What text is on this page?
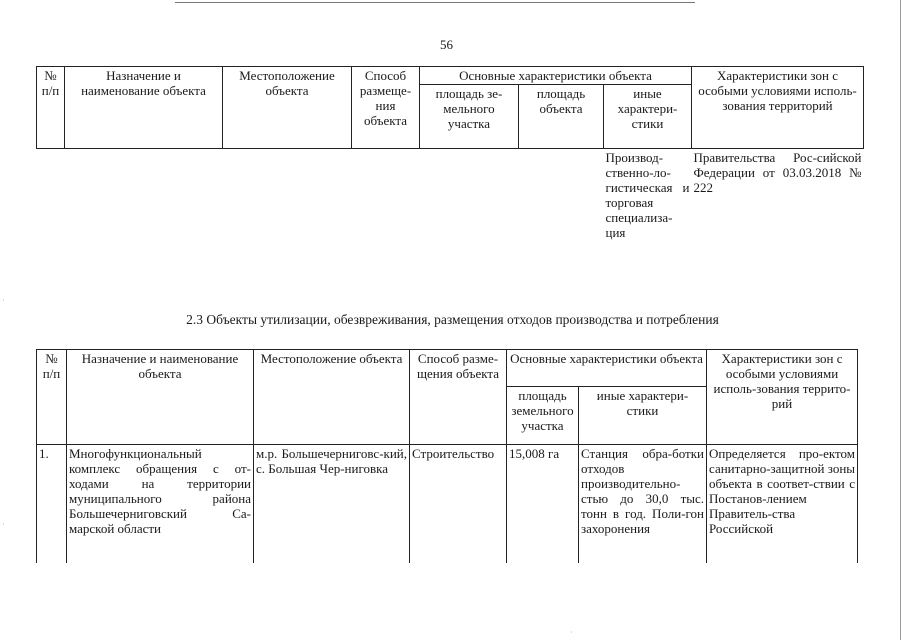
56
№ п/п	Назначение и наименование объекта	Местоположение объекта	Способ размеще-ния объекта	Основные характеристики объекта			Характеристики зон с особыми условиями исполь-зования территорий
				площадь зе-мельного участка	площадь объекта	иные характери-стики	
						Производ-ственно-ло-гистическая и торговая специализа-ция	Правительства Рос-сийской Федерации от 03.03.2018 № 222
2.3 Объекты утилизации, обезвреживания, размещения отходов производства и потребления
№ п/п	Назначение и наименование объекта	Местоположение объекта	Способ разме-щения объекта	Основные характеристики объекта		Характеристики зон с особыми условиями исполь-зования террито-рий
				площадь земельного участка	иные характери-стики	
1.	Многофункциональный комплекс обращения с от-ходами на территории муниципального района Большечерниговский Са-марской области	м.р. Большечерниговс-кий, с. Большая Чер-ниговка	Строительство	15,008 га	Станция обра-ботки отходов производительно-стью до 30,0 тыс. тонн в год. Поли-гон захоронения	Определяется про-ектом санитарно-защитной зоны объекта в соответ-ствии с Постанов-лением Правитель-ства Российской
·
·
·
